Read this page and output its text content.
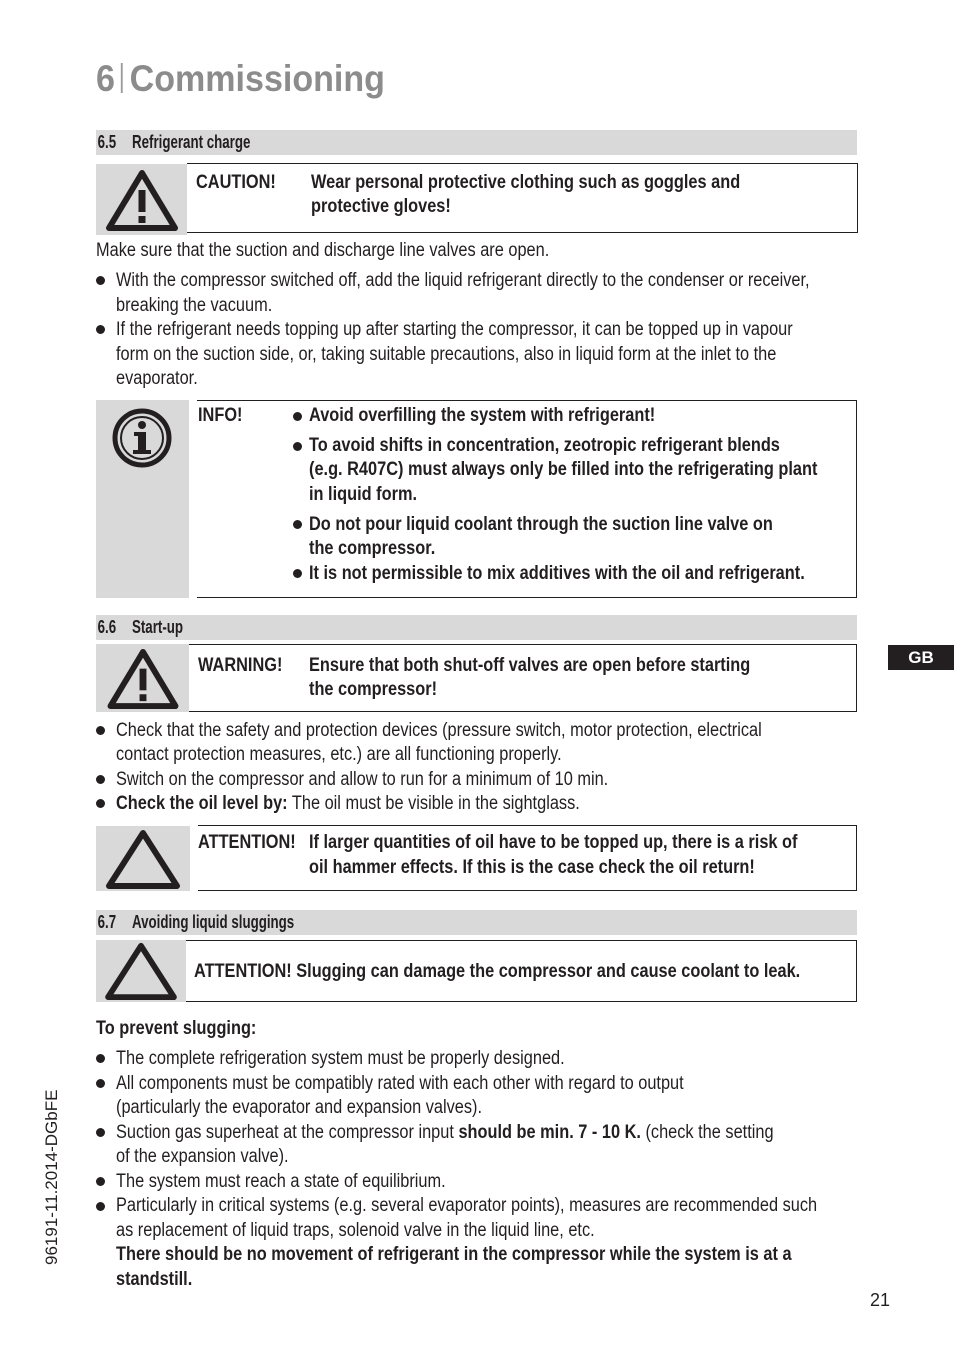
6 Commissioning
6.5 Refrigerant charge
CAUTION! Wear personal protective clothing such as goggles and
protective gloves!
Make sure that the suction and discharge line valves are open.
With the compressor switched off, add the liquid refrigerant directly to the condenser or receiver,
breaking the vacuum.
If the refrigerant needs topping up after starting the compressor, it can be topped up in vapour
form on the suction side, or, taking suitable precautions, also in liquid form at the inlet to the
evaporator.
INFO!	Avoid overfilling the system with refrigerant!
To avoid shifts in concentration, zeotropic refrigerant blends
(e.g. R407C) must always only be filled into the refrigerating plant
in liquid form.
Do not pour liquid coolant through the suction line valve on
the compressor.
It is not permissible to mix additives with the oil and refrigerant.
6.6 Start-up
WARNING! Ensure that both shut-off valves are open before starting
the compressor!
Check that the safety and protection devices (pressure switch, motor protection, electrical
contact protection measures, etc.) are all functioning properly.
Switch on the compressor and allow to run for a minimum of 10 min.
Check the oil level by: The oil must be visible in the sightglass.
ATTENTION! If larger quantities of oil have to be topped up, there is a risk of
oil hammer effects. If this is the case check the oil return!
6.7 Avoiding liquid sluggings
ATTENTION! Slugging can damage the compressor and cause coolant to leak.
To prevent slugging:
The complete refrigeration system must be properly designed.
All components must be compatibly rated with each other with regard to output
(particularly the evaporator and expansion valves).
Suction gas superheat at the compressor input should be min. 7 - 10 K. (check the setting
of the expansion valve).
The system must reach a state of equilibrium.
Particularly in critical systems (e.g. several evaporator points), measures are recommended such
as replacement of liquid traps, solenoid valve in the liquid line, etc.
There should be no movement of refrigerant in the compressor while the system is at a
standstill.
GB
96191-11.2014-DGbFE
21
